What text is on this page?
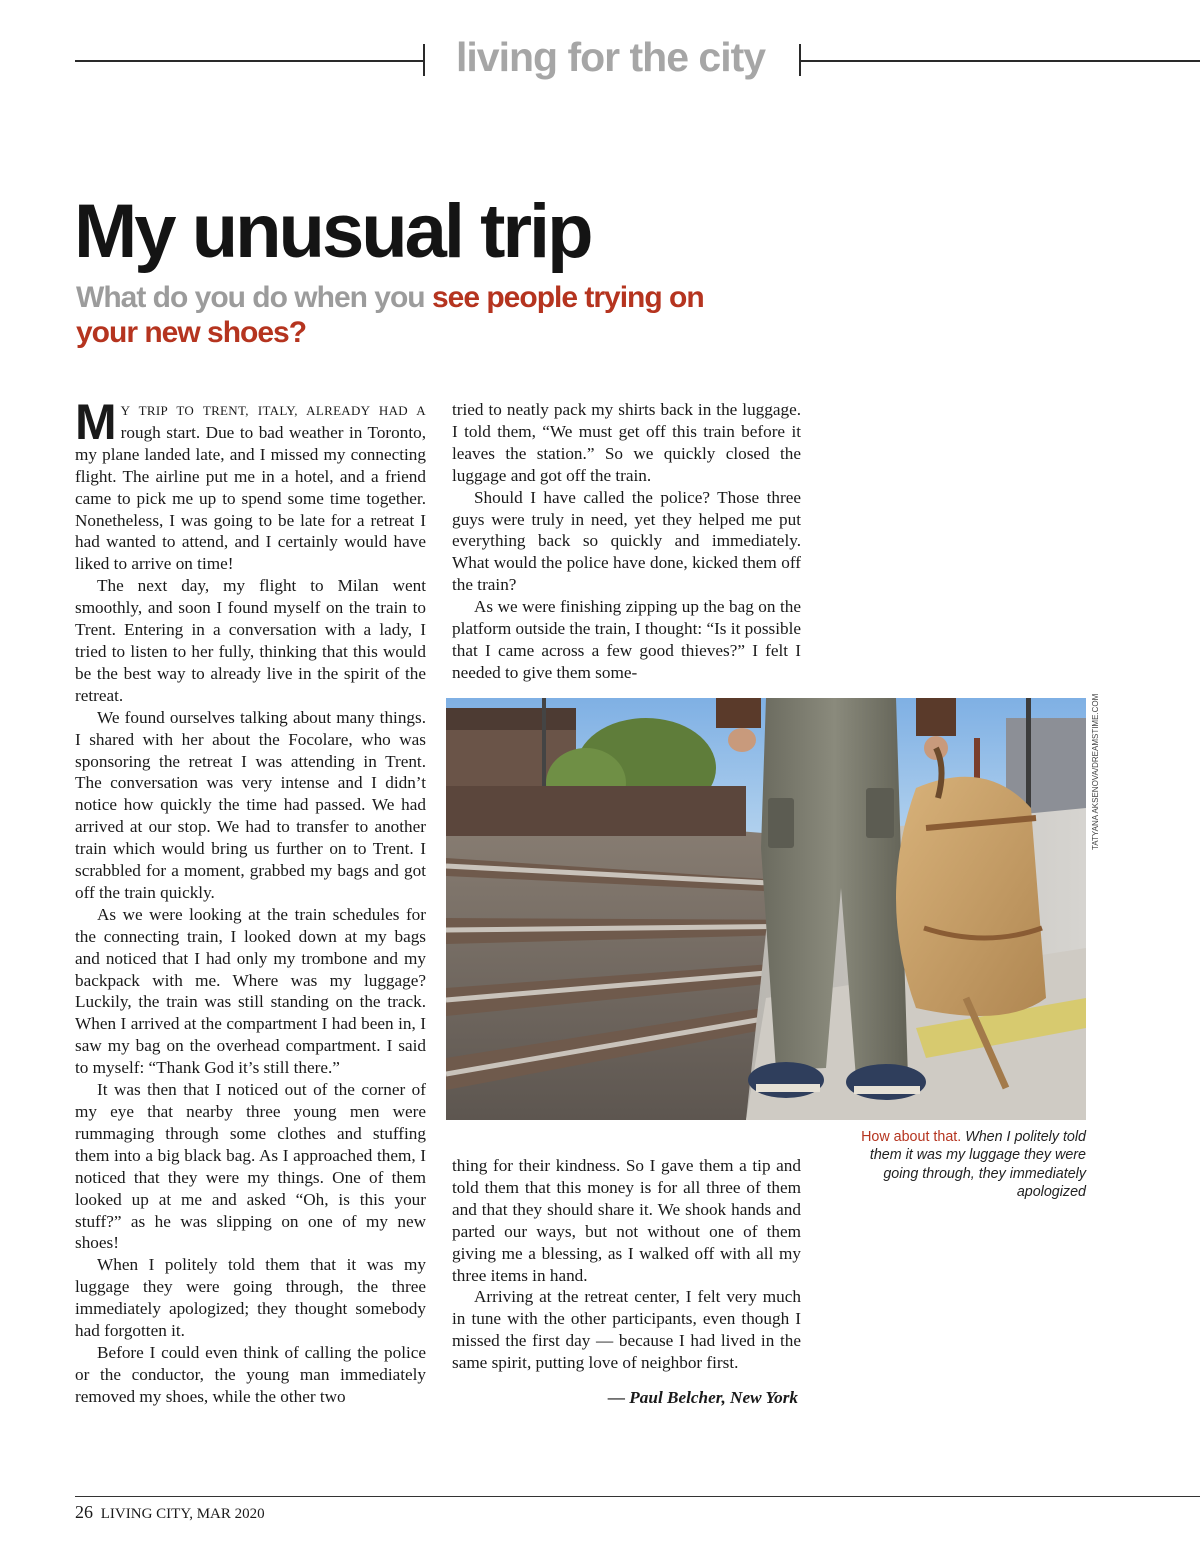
living for the city
My unusual trip
What do you do when you see people trying on your new shoes?

M Y TRIP TO TRENT, ITALY, ALREADY HAD A rough start. Due to bad weather in Toronto, my plane landed late, and I missed my connecting flight. The airline put me in a hotel, and a friend came to pick me up to spend some time together. Nonetheless, I was going to be late for a retreat I had wanted to attend, and I certainly would have liked to arrive on time!

The next day, my flight to Milan went smoothly, and soon I found myself on the train to Trent. Entering in a conversation with a lady, I tried to listen to her fully, thinking that this would be the best way to already live in the spirit of the retreat.

We found ourselves talking about many things. I shared with her about the Focolare, who was sponsoring the retreat I was attending in Trent. The conversation was very intense and I didn’t notice how quickly the time had passed. We had arrived at our stop. We had to transfer to another train which would bring us further on to Trent. I scrabbled for a moment, grabbed my bags and got off the train quickly.

As we were looking at the train schedules for the connecting train, I looked down at my bags and noticed that I had only my trombone and my backpack with me. Where was my luggage? Luckily, the train was still standing on the track. When I arrived at the compartment I had been in, I saw my bag on the overhead compartment. I said to myself: “Thank God it’s still there.”

It was then that I noticed out of the corner of my eye that nearby three young men were rummaging through some clothes and stuffing them into a big black bag. As I approached them, I noticed that they were my things. One of them looked up at me and asked “Oh, is this your stuff?” as he was slipping on one of my new shoes!

When I politely told them that it was my luggage they were going through, the three immediately apologized; they thought somebody had forgotten it.

Before I could even think of calling the police or the conductor, the young man immediately removed my shoes, while the other two

tried to neatly pack my shirts back in the luggage. I told them, “We must get off this train before it leaves the station.” So we quickly closed the luggage and got off the train.

Should I have called the police? Those three guys were truly in need, yet they helped me put everything back so quickly and immediately. What would the police have done, kicked them off the train?

As we were finishing zipping up the bag on the platform outside the train, I thought: “Is it possible that I came across a few good thieves?” I felt I needed to give them some-

TATYANA AKSENOVA/DREAMSTIME.COM

How about that. When I politely told them it was my luggage they were going through, they immediately apologized

thing for their kindness. So I gave them a tip and told them that this money is for all three of them and that they should share it. We shook hands and parted our ways, but not without one of them giving me a blessing, as I walked off with all my three items in hand.

Arriving at the retreat center, I felt very much in tune with the other participants, even though I missed the first day — because I had lived in the same spirit, putting love of neighbor first.

— Paul Belcher, New York

26 LIVING CITY, MAR 2020
